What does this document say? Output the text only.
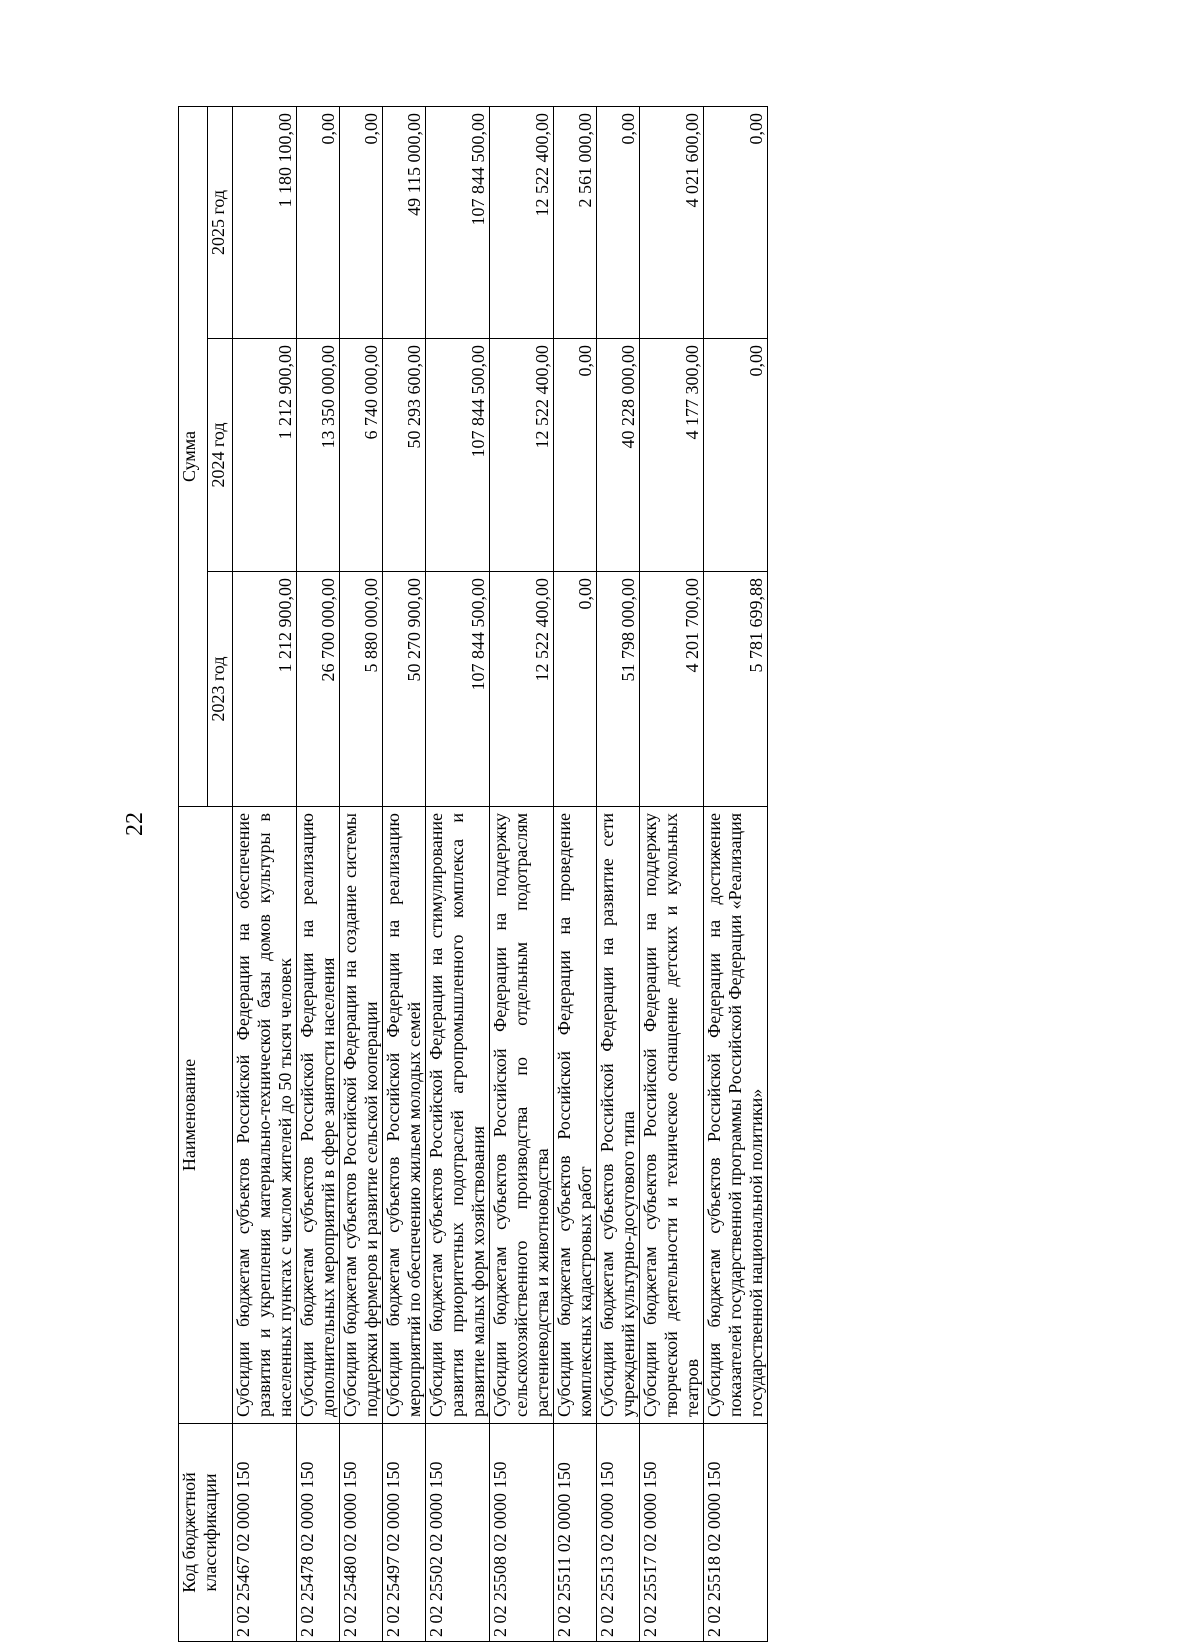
22
Код бюджетной классификации	Наименование	Сумма		
		2023 год	2024 год	2025 год
2 02 25467 02 0000 150	Субсидии бюджетам субъектов Российской Федерации на обеспечение развития и укрепления материально-технической базы домов культуры в населенных пунктах с числом жителей до 50 тысяч человек	1 212 900,00	1 212 900,00	1 180 100,00
2 02 25478 02 0000 150	Субсидии бюджетам субъектов Российской Федерации на реализацию дополнительных мероприятий в сфере занятости населения	26 700 000,00	13 350 000,00	0,00
2 02 25480 02 0000 150	Субсидии бюджетам субъектов Российской Федерации на создание системы поддержки фермеров и развитие сельской кооперации	5 880 000,00	6 740 000,00	0,00
2 02 25497 02 0000 150	Субсидии бюджетам субъектов Российской Федерации на реализацию мероприятий по обеспечению жильем молодых семей	50 270 900,00	50 293 600,00	49 115 000,00
2 02 25502 02 0000 150	Субсидии бюджетам субъектов Российской Федерации на стимулирование развития приоритетных подотраслей агропромышленного комплекса и развитие малых форм хозяйствования	107 844 500,00	107 844 500,00	107 844 500,00
2 02 25508 02 0000 150	Субсидии бюджетам субъектов Российской Федерации на поддержку сельскохозяйственного производства по отдельным подотраслям растениеводства и животноводства	12 522 400,00	12 522 400,00	12 522 400,00
2 02 25511 02 0000 150	Субсидии бюджетам субъектов Российской Федерации на проведение комплексных кадастровых работ	0,00	0,00	2 561 000,00
2 02 25513 02 0000 150	Субсидии бюджетам субъектов Российской Федерации на развитие сети учреждений культурно-досугового типа	51 798 000,00	40 228 000,00	0,00
2 02 25517 02 0000 150	Субсидии бюджетам субъектов Российской Федерации на поддержку творческой деятельности и техническое оснащение детских и кукольных театров	4 201 700,00	4 177 300,00	4 021 600,00
2 02 25518 02 0000 150	Субсидия бюджетам субъектов Российской Федерации на достижение показателей государственной программы Российской Федерации «Реализация государственной национальной политики»	5 781 699,88	0,00	0,00
